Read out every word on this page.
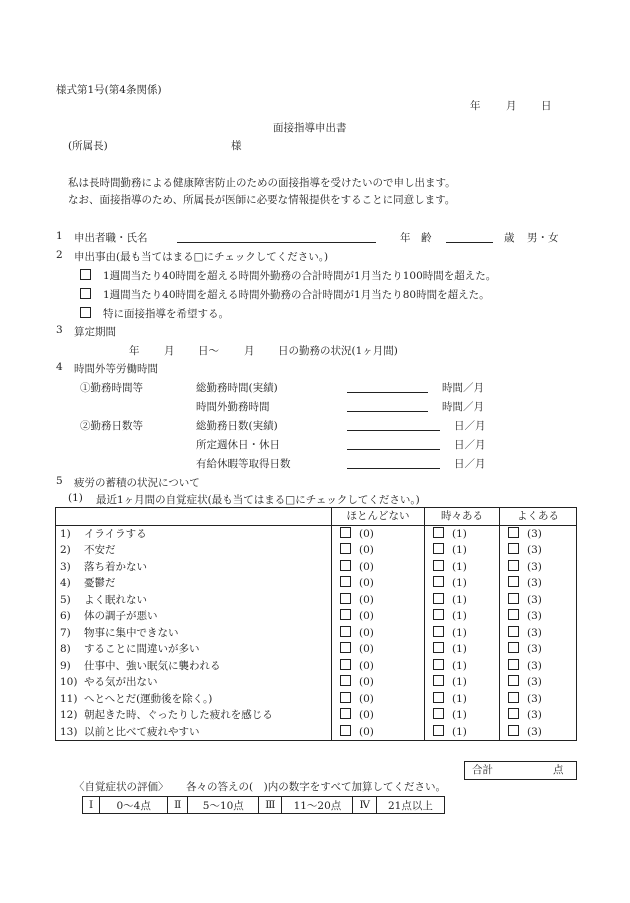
様式第1号(第4条関係)
年 月 日
面接指導申出書
(所属長)	様
私は長時間勤務による健康障害防止のための面接指導を受けたいので申し出ます。
なお、面接指導のため、所属長が医師に必要な情報提供をすることに同意します。
1 申出者職・氏名	年　齢	歳 男・女
2 申出事由(最も当てはまる□にチェックしてください。)
1週間当たり40時間を超える時間外勤務の合計時間が1月当たり100時間を超えた。
1週間当たり40時間を超える時間外勤務の合計時間が1月当たり80時間を超えた。
特に面接指導を希望する。
3 算定期間
年 月 日〜 月 日の勤務の状況(1ヶ月間)
4 時間外等労働時間
①勤務時間等	総勤務時間(実績)	時間／月
時間外勤務時間	時間／月
②勤務日数等	総勤務日数(実績)	日／月
所定週休日・休日	日／月
有給休暇等取得日数	日／月
5 疲労の蓄積の状況について
(1) 最近1ヶ月間の自覚症状(最も当てはまる□にチェックしてください。)
	ほとんどない	時々ある	よくある
1) イライラする	(0)	(1)	(3)
2) 不安だ	(0)	(1)	(3)
3) 落ち着かない	(0)	(1)	(3)
4) 憂鬱だ	(0)	(1)	(3)
5) よく眠れない	(0)	(1)	(3)
6) 体の調子が悪い	(0)	(1)	(3)
7) 物事に集中できない	(0)	(1)	(3)
8) することに間違いが多い	(0)	(1)	(3)
9) 仕事中、強い眠気に襲われる	(0)	(1)	(3)
10) やる気が出ない	(0)	(1)	(3)
11) へとへとだ(運動後を除く。)	(0)	(1)	(3)
12) 朝起きた時、ぐったりした疲れを感じる	(0)	(1)	(3)
13) 以前と比べて疲れやすい	(0)	(1)	(3)
合計	点
〈自覚症状の評価〉 各々の答えの(　)内の数字をすべて加算してください。
Ⅰ	0〜4点	Ⅱ	5〜10点	Ⅲ	11〜20点	Ⅳ	21点以上
